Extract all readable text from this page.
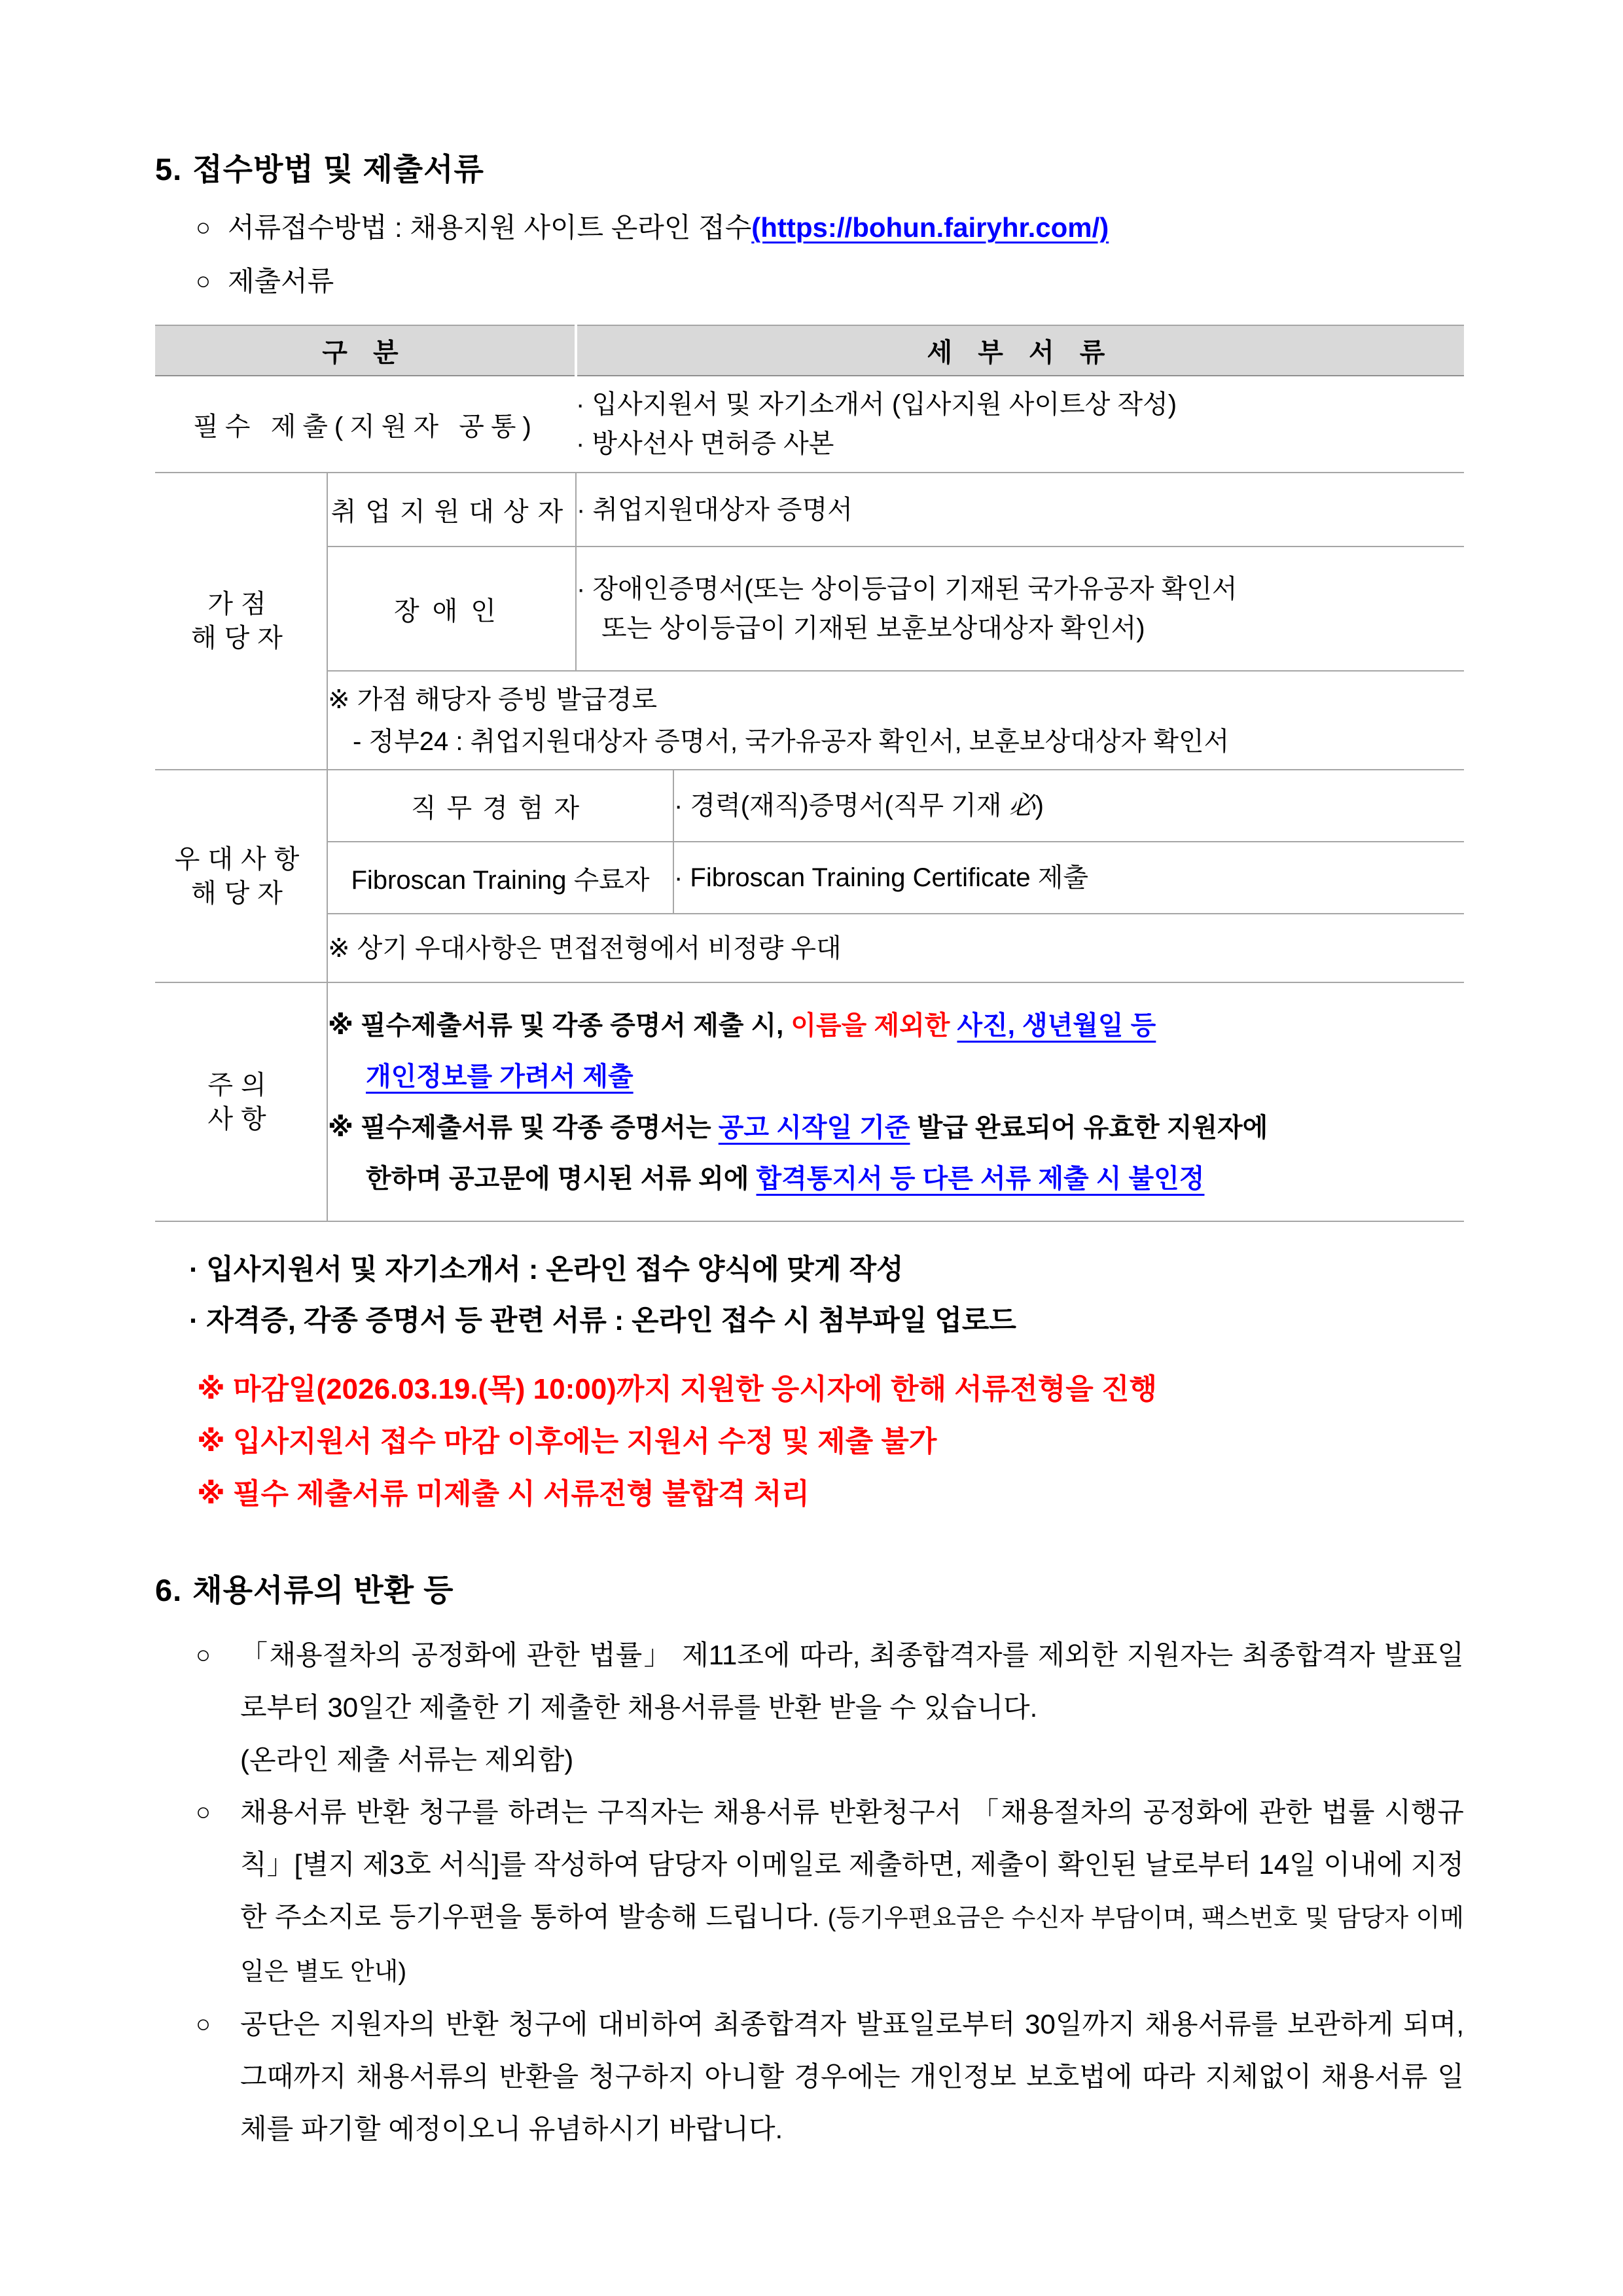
5. 접수방법 및 제출서류
○ 서류접수방법 : 채용지원 사이트 온라인 접수(https://bohun.fairyhr.com/)
○ 제출서류
구 분		세 부 서 류	
필수 제출(지원자 공통)		· 입사지원서 및 자기소개서 (입사지원 사이트상 작성)
· 방사선사 면허증 사본	

가점
해당자	취업지원대상자	· 취업지원대상자 증명서	
	장애인	· 장애인증명서(또는 상이등급이 기재된 국가유공자 확인서
또는 상이등급이 기재된 보훈보상대상자 확인서)	

	※ 가점 해당자 증빙 발급경로
- 정부24 : 취업지원대상자 증명서, 국가유공자 확인서, 보훈보상대상자 확인서		

우대사항
해당자	직무경험자		· 경력(재직)증명서(직무 기재 必)
	Fibroscan Training 수료자		· Fibroscan Training Certificate 제출
	※ 상기 우대사항은 면접전형에서 비정량 우대		

주의
사항

※ 필수제출서류 및 각종 증명서 제출 시, 이름을 제외한 사진, 생년월일 등
개인정보를 가려서 제출
※ 필수제출서류 및 각종 증명서는 공고 시작일 기준 발급 완료되어 유효한 지원자에
한하며 공고문에 명시된 서류 외에 합격통지서 등 다른 서류 제출 시 불인정
· 입사지원서 및 자기소개서 : 온라인 접수 양식에 맞게 작성
· 자격증, 각종 증명서 등 관련 서류 : 온라인 접수 시 첨부파일 업로드
※ 마감일(2026.03.19.(목) 10:00)까지 지원한 응시자에 한해 서류전형을 진행
※ 입사지원서 접수 마감 이후에는 지원서 수정 및 제출 불가
※ 필수 제출서류 미제출 시 서류전형 불합격 처리
6. 채용서류의 반환 등
○	「채용절차의 공정화에 관한 법률」 제11조에 따라, 최종합격자를 제외한 지원자는 최종합격자 발표일로부터 30일간 제출한 기 제출한 채용서류를 반환 받을 수 있습니다.
(온라인 제출 서류는 제외함)
○	채용서류 반환 청구를 하려는 구직자는 채용서류 반환청구서 「채용절차의 공정화에 관한 법률 시행규칙」[별지 제3호 서식]를 작성하여 담당자 이메일로 제출하면, 제출이 확인된 날로부터 14일 이내에 지정한 주소지로 등기우편을 통하여 발송해 드립니다. (등기우편요금은 수신자 부담이며, 팩스번호 및 담당자 이메일은 별도 안내)
○	공단은 지원자의 반환 청구에 대비하여 최종합격자 발표일로부터 30일까지 채용서류를 보관하게 되며, 그때까지 채용서류의 반환을 청구하지 아니할 경우에는 개인정보 보호법에 따라 지체없이 채용서류 일체를 파기할 예정이오니 유념하시기 바랍니다.
